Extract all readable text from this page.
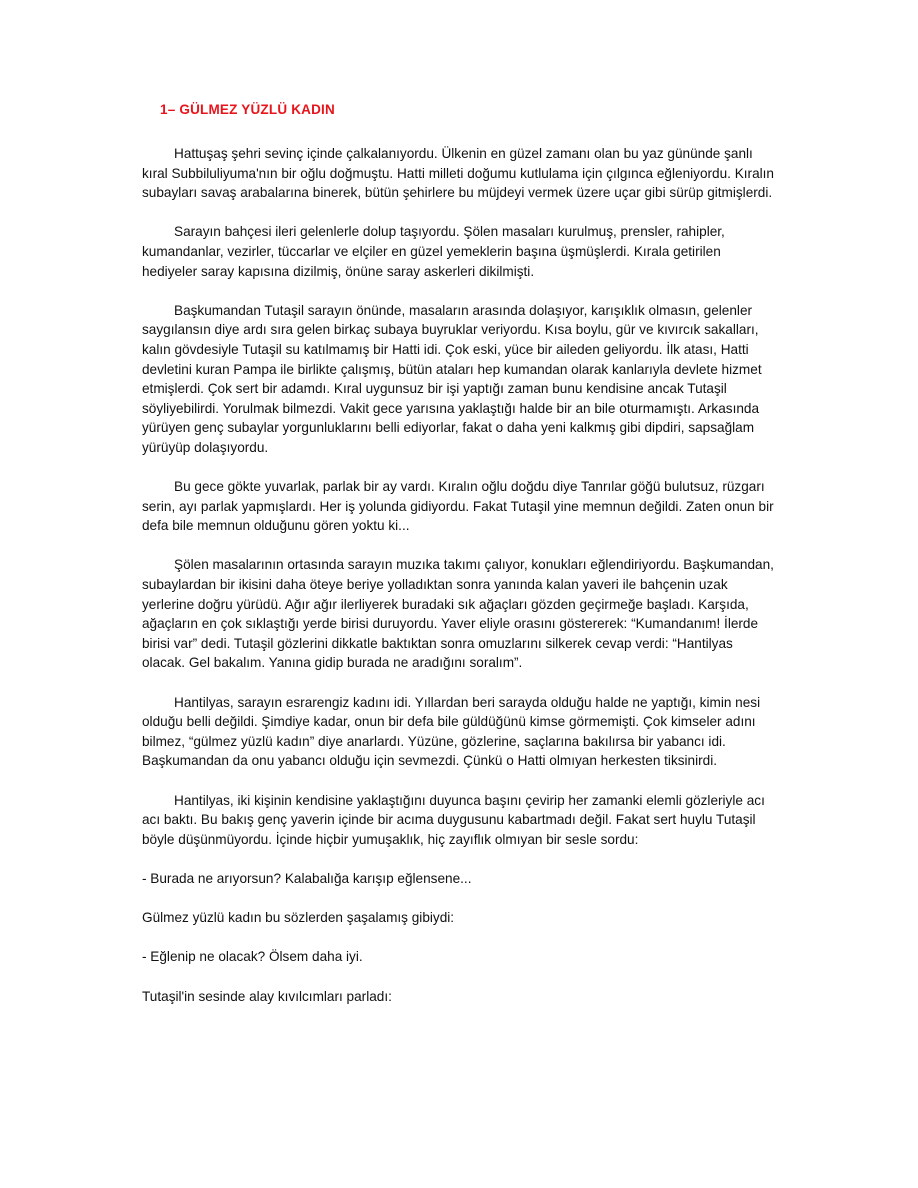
1– GÜLMEZ YÜZLÜ KADIN

Hattuşaş şehri sevinç içinde çalkalanıyordu. Ülkenin en güzel zamanı olan bu yaz gününde şanlı kıral Subbiluliyuma'nın bir oğlu doğmuştu. Hatti milleti doğumu kutlulama için çılgınca eğleniyordu. Kıralın subayları savaş arabalarına binerek, bütün şehirlere bu müjdeyi vermek üzere uçar gibi sürüp gitmişlerdi.

Sarayın bahçesi ileri gelenlerle dolup taşıyordu. Şölen masaları kurulmuş, prensler, rahipler, kumandanlar, vezirler, tüccarlar ve elçiler en güzel yemeklerin başına üşmüşlerdi. Kırala getirilen hediyeler saray kapısına dizilmiş, önüne saray askerleri dikilmişti.

Başkumandan Tutaşil sarayın önünde, masaların arasında dolaşıyor, karışıklık olmasın, gelenler saygılansın diye ardı sıra gelen birkaç subaya buyruklar veriyordu. Kısa boylu, gür ve kıvırcık sakalları, kalın gövdesiyle Tutaşil su katılmamış bir Hatti idi. Çok eski, yüce bir aileden geliyordu. İlk atası, Hatti devletini kuran Pampa ile birlikte çalışmış, bütün ataları hep kumandan olarak kanlarıyla devlete hizmet etmişlerdi. Çok sert bir adamdı. Kıral uygunsuz bir işi yaptığı zaman bunu kendisine ancak Tutaşil söyliyebilirdi. Yorulmak bilmezdi. Vakit gece yarısına yaklaştığı halde bir an bile oturmamıştı. Arkasında yürüyen genç subaylar yorgunluklarını belli ediyorlar, fakat o daha yeni kalkmış gibi dipdiri, sapsağlam yürüyüp dolaşıyordu.

Bu gece gökte yuvarlak, parlak bir ay vardı. Kıralın oğlu doğdu diye Tanrılar göğü bulutsuz, rüzgarı serin, ayı parlak yapmışlardı. Her iş yolunda gidiyordu. Fakat Tutaşil yine memnun değildi. Zaten onun bir defa bile memnun olduğunu gören yoktu ki...

Şölen masalarının ortasında sarayın muzıka takımı çalıyor, konukları eğlendiriyordu. Başkumandan, subaylardan bir ikisini daha öteye beriye yolladıktan sonra yanında kalan yaveri ile bahçenin uzak yerlerine doğru yürüdü. Ağır ağır ilerliyerek buradaki sık ağaçları gözden geçirmeğe başladı. Karşıda, ağaçların en çok sıklaştığı yerde birisi duruyordu. Yaver eliyle orasını göstererek: “Kumandanım! İlerde birisi var” dedi. Tutaşil gözlerini dikkatle baktıktan sonra omuzlarını silkerek cevap verdi: “Hantilyas olacak. Gel bakalım. Yanına gidip burada ne aradığını soralım”.

Hantilyas, sarayın esrarengiz kadını idi. Yıllardan beri sarayda olduğu halde ne yaptığı, kimin nesi olduğu belli değildi. Şimdiye kadar, onun bir defa bile güldüğünü kimse görmemişti. Çok kimseler adını bilmez, “gülmez yüzlü kadın” diye anarlardı. Yüzüne, gözlerine, saçlarına bakılırsa bir yabancı idi. Başkumandan da onu yabancı olduğu için sevmezdi. Çünkü o Hatti olmıyan herkesten tiksinirdi.

Hantilyas, iki kişinin kendisine yaklaştığını duyunca başını çevirip her zamanki elemli gözleriyle acı acı baktı. Bu bakış genç yaverin içinde bir acıma duygusunu kabartmadı değil. Fakat sert huylu Tutaşil böyle düşünmüyordu. İçinde hiçbir yumuşaklık, hiç zayıflık olmıyan bir sesle sordu:

- Burada ne arıyorsun? Kalabalığa karışıp eğlensene...

Gülmez yüzlü kadın bu sözlerden şaşalamış gibiydi:

- Eğlenip ne olacak? Ölsem daha iyi.

Tutaşil'in sesinde alay kıvılcımları parladı:
